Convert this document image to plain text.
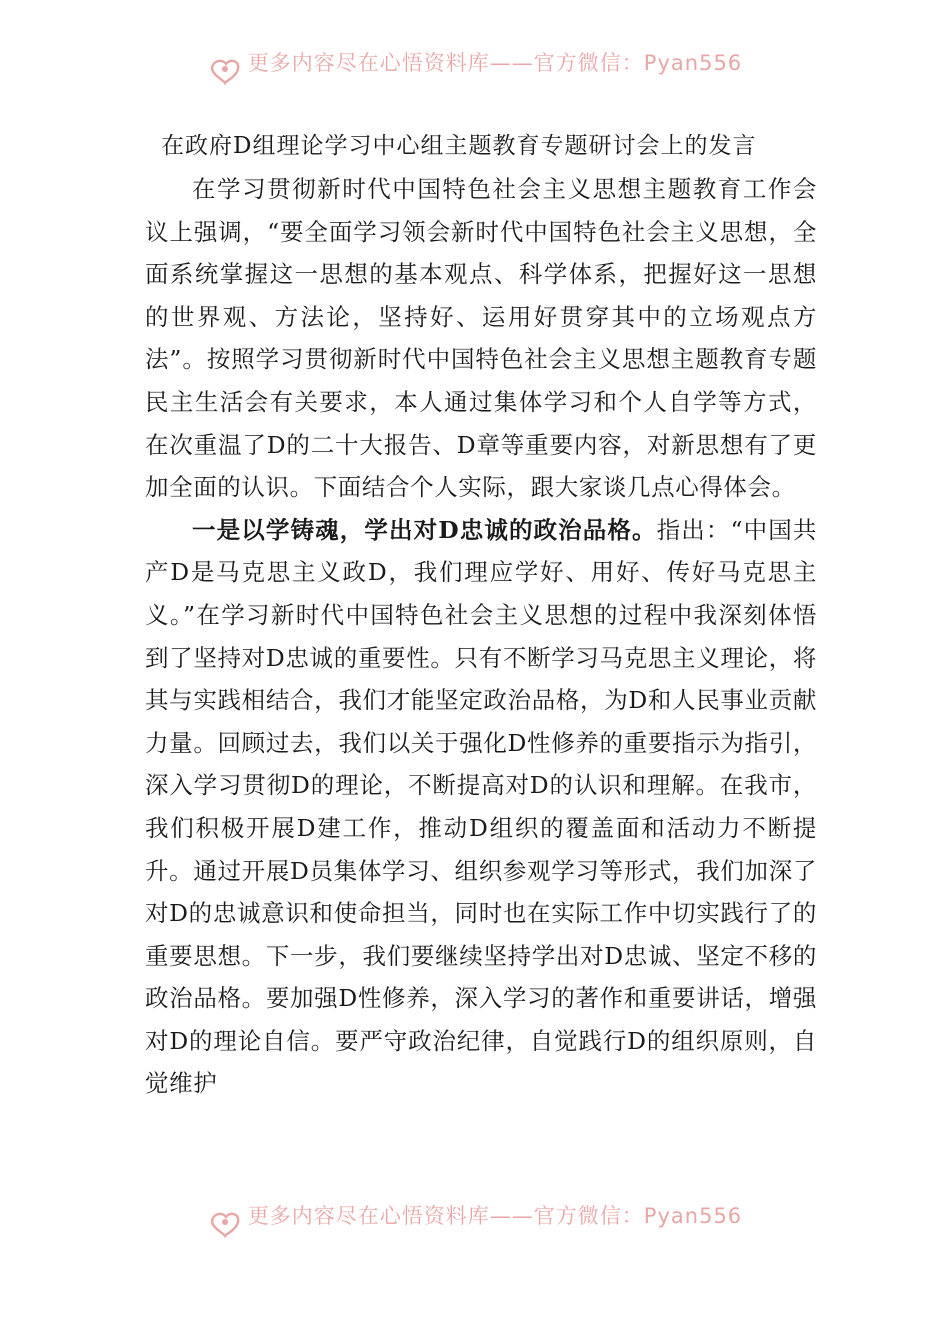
更多内容尽在心悟资料库——官方微信：Pyan556
在政府D组理论学习中心组主题教育专题研讨会上的发言

在学习贯彻新时代中国特色社会主义思想主题教育工作会议上强调，“要全面学习领会新时代中国特色社会主义思想，全面系统掌握这一思想的基本观点、科学体系，把握好这一思想的世界观、方法论，坚持好、运用好贯穿其中的立场观点方法”。按照学习贯彻新时代中国特色社会主义思想主题教育专题民主生活会有关要求，本人通过集体学习和个人自学等方式，在次重温了D的二十大报告、D章等重要内容，对新思想有了更加全面的认识。下面结合个人实际，跟大家谈几点心得体会。

一是以学铸魂，学出对D忠诚的政治品格。指出：“中国共产D是马克思主义政D，我们理应学好、用好、传好马克思主义。”在学习新时代中国特色社会主义思想的过程中我深刻体悟到了坚持对D忠诚的重要性。只有不断学习马克思主义理论，将其与实践相结合，我们才能坚定政治品格，为D和人民事业贡献力量。回顾过去，我们以关于强化D性修养的重要指示为指引，深入学习贯彻D的理论，不断提高对D的认识和理解。在我市，我们积极开展D建工作，推动D组织的覆盖面和活动力不断提升。通过开展D员集体学习、组织参观学习等形式，我们加深了对D的忠诚意识和使命担当，同时也在实际工作中切实践行了的重要思想。下一步，我们要继续坚持学出对D忠诚、坚定不移的政治品格。要加强D性修养，深入学习的著作和重要讲话，增强对D的理论自信。要严守政治纪律，自觉践行D的组织原则，自觉维护

更多内容尽在心悟资料库——官方微信：Pyan556
